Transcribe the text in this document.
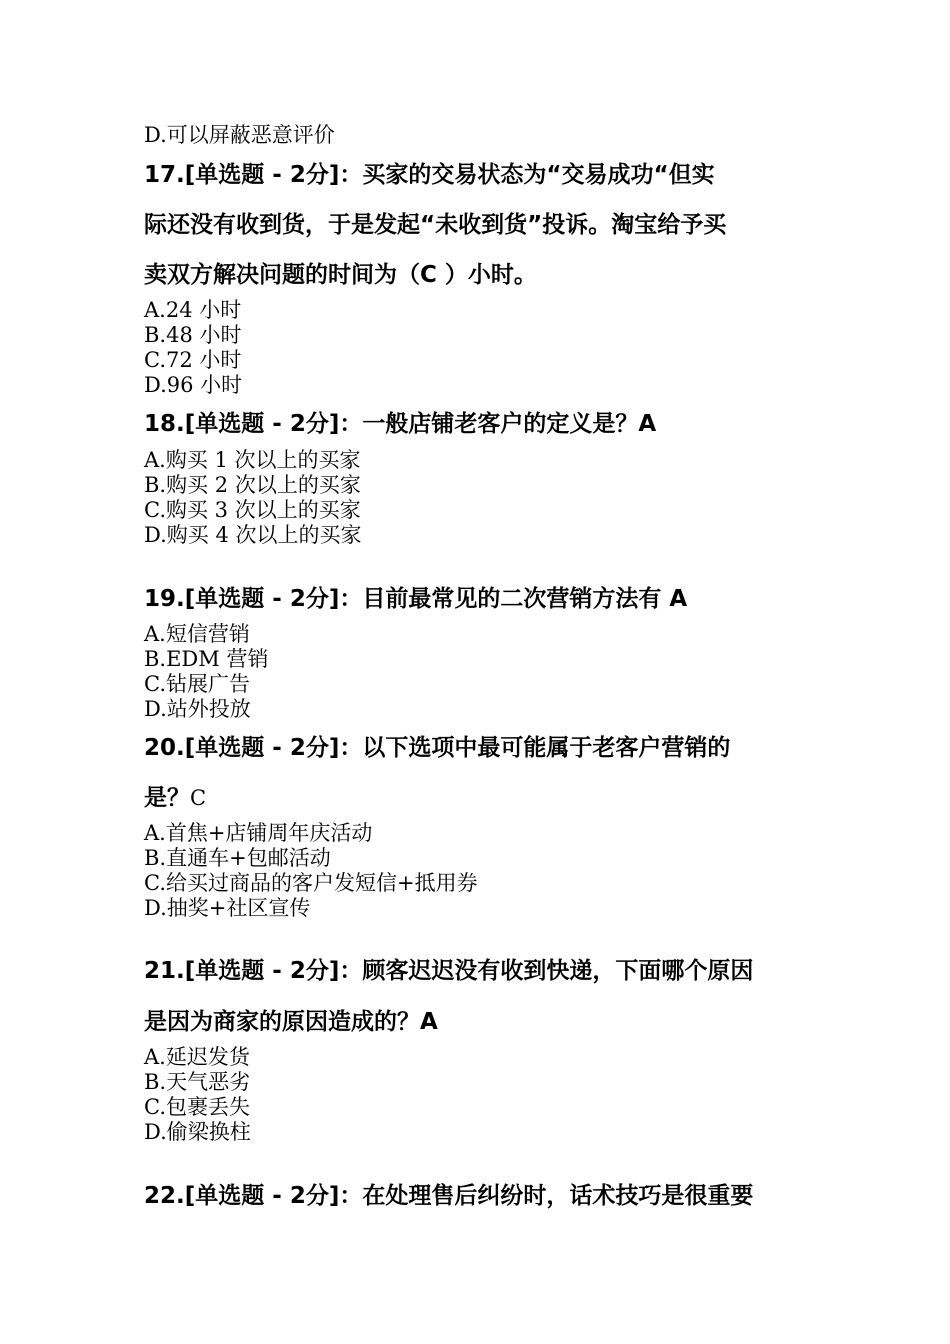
D.可以屏蔽恶意评价
17.[单选题 - 2分]：买家的交易状态为“交易成功“但实
际还没有收到货，于是发起“未收到货”投诉。淘宝给予买
卖双方解决问题的时间为（C ）小时。
A.24 小时
B.48 小时
C.72 小时
D.96 小时
18.[单选题 - 2分]：一般店铺老客户的定义是？A
A.购买 1 次以上的买家
B.购买 2 次以上的买家
C.购买 3 次以上的买家
D.购买 4 次以上的买家
19.[单选题 - 2分]：目前最常见的二次营销方法有 A
A.短信营销
B.EDM 营销
C.钻展广告
D.站外投放
20.[单选题 - 2分]：以下选项中最可能属于老客户营销的
是？C
A.首焦+店铺周年庆活动
B.直通车+包邮活动
C.给买过商品的客户发短信+抵用券
D.抽奖+社区宣传
21.[单选题 - 2分]：顾客迟迟没有收到快递，下面哪个原因
是因为商家的原因造成的？A
A.延迟发货
B.天气恶劣
C.包裹丢失
D.偷梁换柱
22.[单选题 - 2分]：在处理售后纠纷时，话术技巧是很重要
